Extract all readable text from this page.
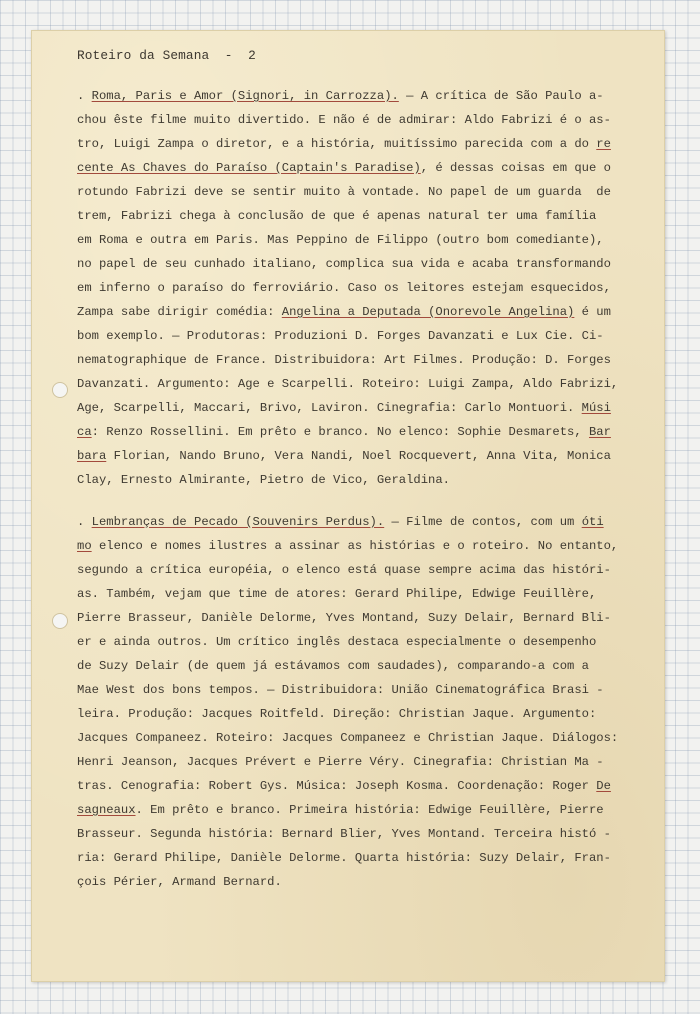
Roteiro da Semana  -  2
. Roma, Paris e Amor (Signori, in Carrozza). — A crítica de São Paulo a-
chou êste filme muito divertido. E não é de admirar: Aldo Fabrizi é o as-
tro, Luigi Zampa o diretor, e a história, muitíssimo parecida com a do re
cente As Chaves do Paraíso (Captain's Paradise), é dessas coisas em que o
rotundo Fabrizi deve se sentir muito à vontade. No papel de um guarda  de
trem, Fabrizi chega à conclusão de que é apenas natural ter uma família
em Roma e outra em Paris. Mas Peppino de Filippo (outro bom comediante),
no papel de seu cunhado italiano, complica sua vida e acaba transformando
em inferno o paraíso do ferroviário. Caso os leitores estejam esquecidos,
Zampa sabe dirigir comédia: Angelina a Deputada (Onorevole Angelina) é um
bom exemplo. — Produtoras: Produzioni D. Forges Davanzati e Lux Cie. Ci-
nematographique de France. Distribuidora: Art Filmes. Produção: D. Forges
Davanzati. Argumento: Age e Scarpelli. Roteiro: Luigi Zampa, Aldo Fabrizi,
Age, Scarpelli, Maccari, Brivo, Laviron. Cinegrafia: Carlo Montuori. Músi
ca: Renzo Rossellini. Em prêto e branco. No elenco: Sophie Desmarets, Bar
bara Florian, Nando Bruno, Vera Nandi, Noel Rocquevert, Anna Vita, Monica
Clay, Ernesto Almirante, Pietro de Vico, Geraldina.
. Lembranças de Pecado (Souvenirs Perdus). — Filme de contos, com um óti
mo elenco e nomes ilustres a assinar as histórias e o roteiro. No entanto,
segundo a crítica européia, o elenco está quase sempre acima das históri-
as. Também, vejam que time de atores: Gerard Philipe, Edwige Feuillère,
Pierre Brasseur, Danièle Delorme, Yves Montand, Suzy Delair, Bernard Bli-
er e ainda outros. Um crítico inglês destaca especialmente o desempenho
de Suzy Delair (de quem já estávamos com saudades), comparando-a com a
Mae West dos bons tempos. — Distribuidora: União Cinematográfica Brasi -
leira. Produção: Jacques Roitfeld. Direção: Christian Jaque. Argumento:
Jacques Companeez. Roteiro: Jacques Companeez e Christian Jaque. Diálogos:
Henri Jeanson, Jacques Prévert e Pierre Véry. Cinegrafia: Christian Ma -
tras. Cenografia: Robert Gys. Música: Joseph Kosma. Coordenação: Roger De
sagneaux. Em prêto e branco. Primeira história: Edwige Feuillère, Pierre
Brasseur. Segunda história: Bernard Blier, Yves Montand. Terceira histó -
ria: Gerard Philipe, Danièle Delorme. Quarta história: Suzy Delair, Fran-
çois Périer, Armand Bernard.
